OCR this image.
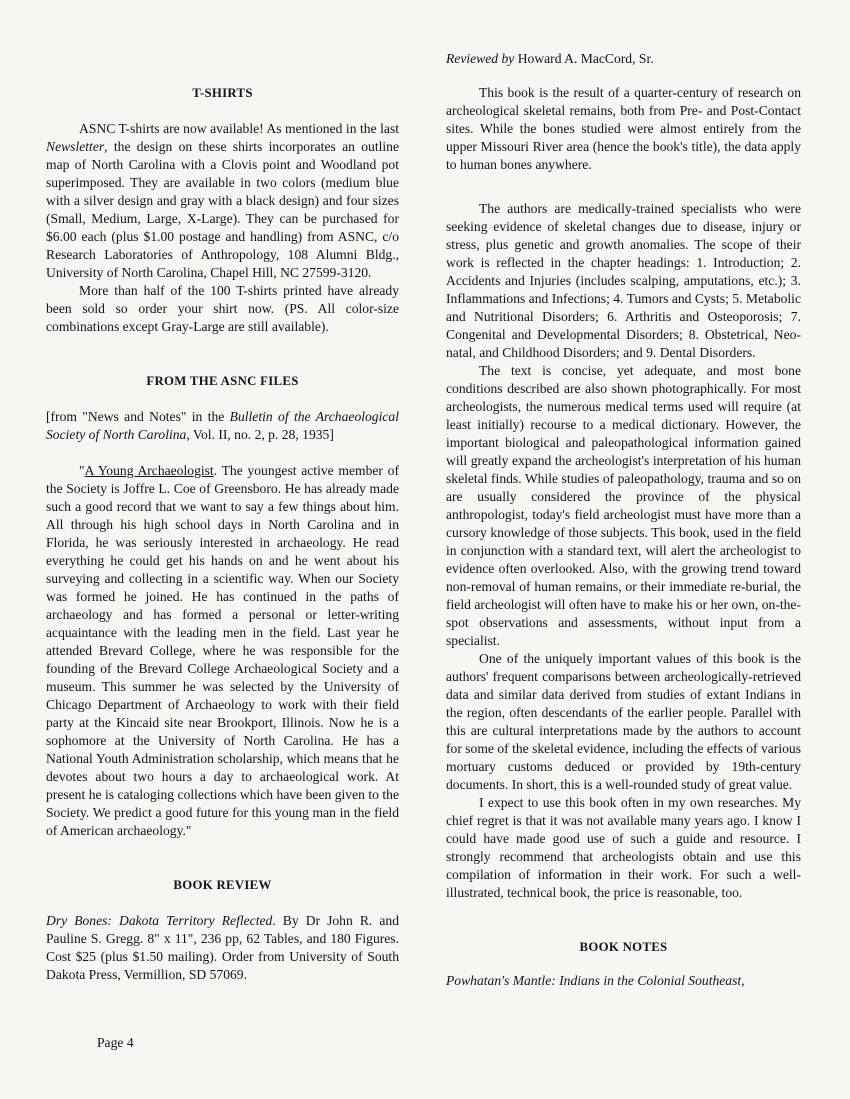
T-SHIRTS

ASNC T-shirts are now available! As mentioned in the last Newsletter, the design on these shirts incorporates an outline map of North Carolina with a Clovis point and Woodland pot superimposed. They are available in two colors (medium blue with a silver design and gray with a black design) and four sizes (Small, Medium, Large, X-Large). They can be purchased for $6.00 each (plus $1.00 postage and handling) from ASNC, c/o Research Laboratories of Anthropology, 108 Alumni Bldg., University of North Carolina, Chapel Hill, NC 27599-3120.

More than half of the 100 T-shirts printed have already been sold so order your shirt now. (PS. All color-size combinations except Gray-Large are still available).

FROM THE ASNC FILES

[from "News and Notes" in the Bulletin of the Archaeological Society of North Carolina, Vol. II, no. 2, p. 28, 1935]

"A Young Archaeologist. The youngest active member of the Society is Joffre L. Coe of Greensboro. He has already made such a good record that we want to say a few things about him. All through his high school days in North Carolina and in Florida, he was seriously interested in archaeology. He read everything he could get his hands on and he went about his surveying and collecting in a scientific way. When our Society was formed he joined. He has continued in the paths of archaeology and has formed a personal or letter-writing acquaintance with the leading men in the field. Last year he attended Brevard College, where he was responsible for the founding of the Brevard College Archaeological Society and a museum. This summer he was selected by the University of Chicago Department of Archaeology to work with their field party at the Kincaid site near Brookport, Illinois. Now he is a sophomore at the University of North Carolina. He has a National Youth Administration scholarship, which means that he devotes about two hours a day to archaeological work. At present he is cataloging collections which have been given to the Society. We predict a good future for this young man in the field of American archaeology."

BOOK REVIEW

Dry Bones: Dakota Territory Reflected. By Dr John R. and Pauline S. Gregg. 8" x 11", 236 pp, 62 Tables, and 180 Figures. Cost $25 (plus $1.50 mailing). Order from University of South Dakota Press, Vermillion, SD 57069.

Reviewed by Howard A. MacCord, Sr.

This book is the result of a quarter-century of research on archeological skeletal remains, both from Pre- and Post-Contact sites. While the bones studied were almost entirely from the upper Missouri River area (hence the book's title), the data apply to human bones anywhere.

The authors are medically-trained specialists who were seeking evidence of skeletal changes due to disease, injury or stress, plus genetic and growth anomalies. The scope of their work is reflected in the chapter headings: 1. Introduction; 2. Accidents and Injuries (includes scalping, amputations, etc.); 3. Inflammations and Infections; 4. Tumors and Cysts; 5. Metabolic and Nutritional Disorders; 6. Arthritis and Osteoporosis; 7. Congenital and Developmental Disorders; 8. Obstetrical, Neo-natal, and Childhood Disorders; and 9. Dental Disorders.

The text is concise, yet adequate, and most bone conditions described are also shown photographically. For most archeologists, the numerous medical terms used will require (at least initially) recourse to a medical dictionary. However, the important biological and paleopathological information gained will greatly expand the archeologist's interpretation of his human skeletal finds. While studies of paleopathology, trauma and so on are usually considered the province of the physical anthropologist, today's field archeologist must have more than a cursory knowledge of those subjects. This book, used in the field in conjunction with a standard text, will alert the archeologist to evidence often overlooked. Also, with the growing trend toward non-removal of human remains, or their immediate re-burial, the field archeologist will often have to make his or her own, on-the-spot observations and assessments, without input from a specialist.

One of the uniquely important values of this book is the authors' frequent comparisons between archeologically-retrieved data and similar data derived from studies of extant Indians in the region, often descendants of the earlier people. Parallel with this are cultural interpretations made by the authors to account for some of the skeletal evidence, including the effects of various mortuary customs deduced or provided by 19th-century documents. In short, this is a well-rounded study of great value.

I expect to use this book often in my own researches. My chief regret is that it was not available many years ago. I know I could have made good use of such a guide and resource. I strongly recommend that archeologists obtain and use this compilation of information in their work. For such a well-illustrated, technical book, the price is reasonable, too.

BOOK NOTES

Powhatan's Mantle: Indians in the Colonial Southeast,

Page 4
